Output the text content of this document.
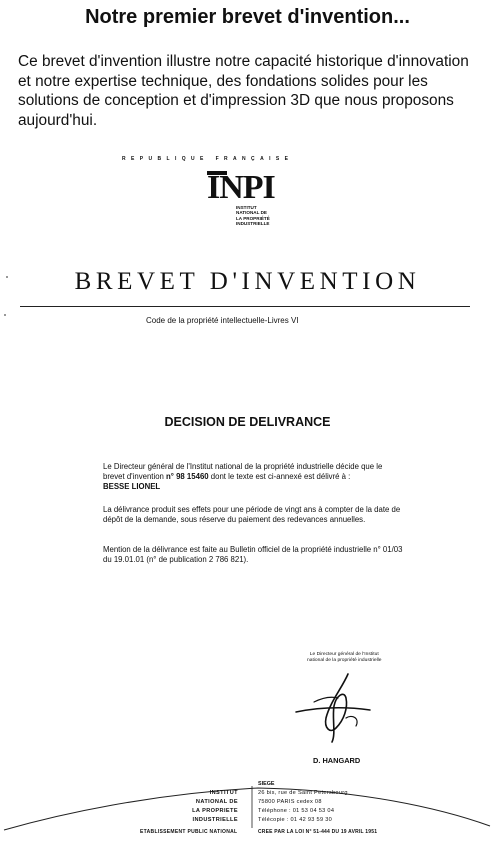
Notre premier brevet d'invention...
Ce brevet d'invention illustre notre capacité historique d'innovation et notre expertise technique, des fondations solides pour les solutions de conception et d'impression 3D que nous proposons aujourd'hui.
REPUBLIQUE FRANÇAISE
INPI
INSTITUT
NATIONAL DE
LA PROPRIÉTÉ
INDUSTRIELLE
BREVET D'INVENTION
Code de la propriété intellectuelle-Livres VI
DECISION DE DELIVRANCE
Le Directeur général de l'Institut national de la propriété industrielle décide que le brevet d'invention n° 98 15460 dont le texte est ci-annexé est délivré à :
BESSE LIONEL
La délivrance produit ses effets pour une période de vingt ans à compter de la date de dépôt de la demande, sous réserve du paiement des redevances annuelles.
Mention de la délivrance est faite au Bulletin officiel de la propriété industrielle n° 01/03 du 19.01.01 (n° de publication 2 786 821).
Le Directeur général de l'Institut
national de la propriété industrielle
D. HANGARD
SIEGE
INSTITUT
NATIONAL DE
LA PROPRIETE
INDUSTRIELLE
26 bis, rue de Saint Petersbourg
75800 PARIS cedex 08
Téléphone : 01 53 04 53 04
Télécopie : 01 42 93 59 30
ETABLISSEMENT PUBLIC NATIONAL	CREE PAR LA LOI N° 51-444 DU 19 AVRIL 1951
